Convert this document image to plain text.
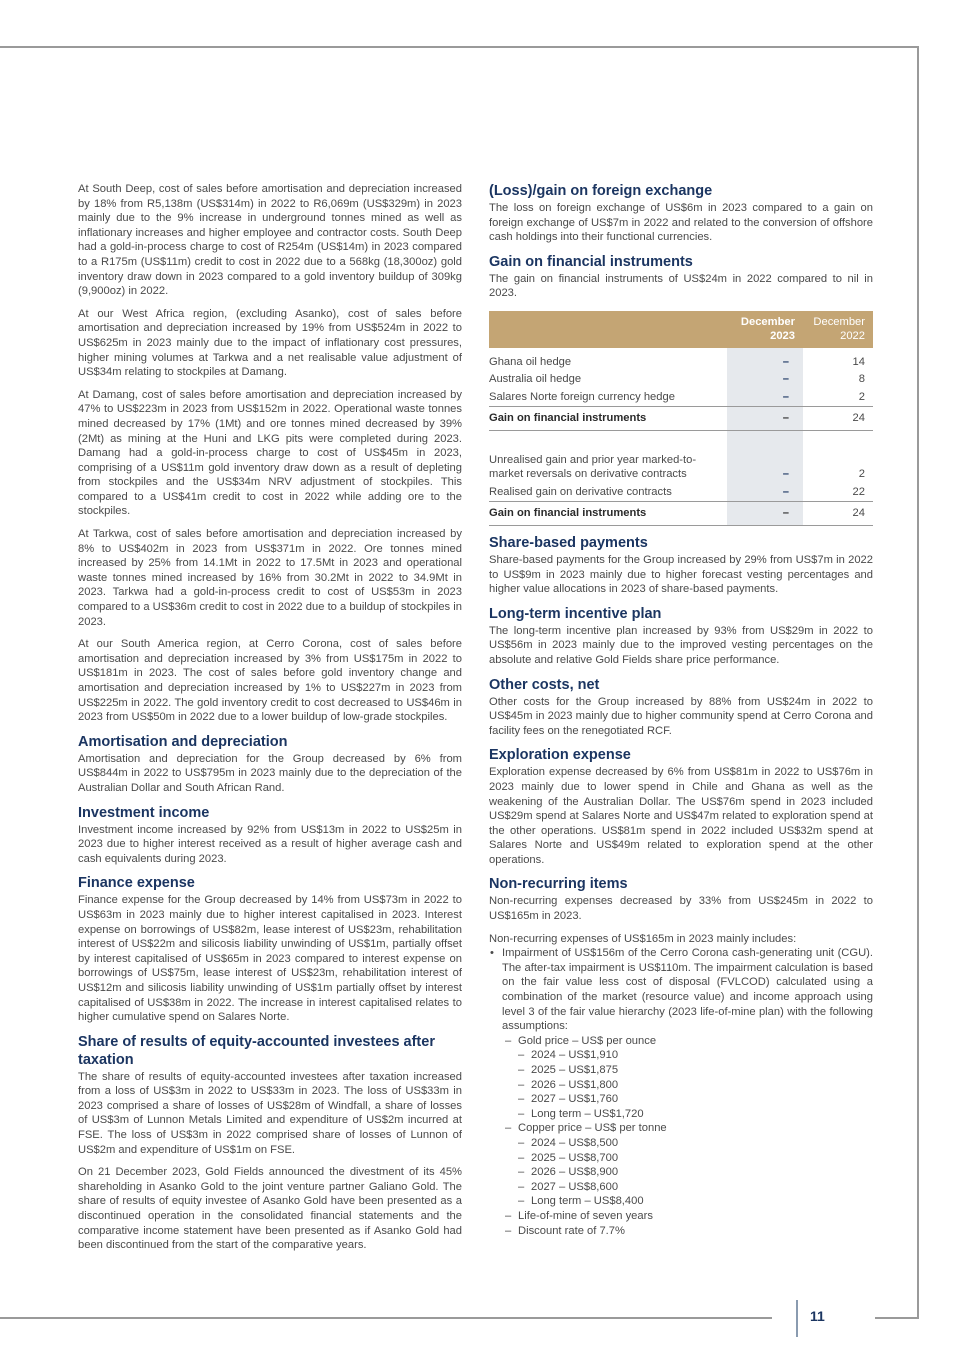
11

At South Deep, cost of sales before amortisation and depreciation increased by 18% from R5,138m (US$314m) in 2022 to R6,069m (US$329m) in 2023 mainly due to the 9% increase in underground tonnes mined as well as inflationary increases and higher employee and contractor costs. South Deep had a gold-in-process charge to cost of R254m (US$14m) in 2023 compared to a R175m (US$11m) credit to cost in 2022 due to a 568kg (18,300oz) gold inventory draw down in 2023 compared to a gold inventory buildup of 309kg (9,900oz) in 2022.

At our West Africa region, (excluding Asanko), cost of sales before amortisation and depreciation increased by 19% from US$524m in 2022 to US$625m in 2023 mainly due to the impact of inflationary cost pressures, higher mining volumes at Tarkwa and a net realisable value adjustment of US$34m relating to stockpiles at Damang.

At Damang, cost of sales before amortisation and depreciation increased by 47% to US$223m in 2023 from US$152m in 2022. Operational waste tonnes mined decreased by 17% (1Mt) and ore tonnes mined decreased by 39% (2Mt) as mining at the Huni and LKG pits were completed during 2023. Damang had a gold-in-process charge to cost of US$45m in 2023, comprising of a US$11m gold inventory draw down as a result of depleting from stockpiles and the US$34m NRV adjustment of stockpiles. This compared to a US$41m credit to cost in 2022 while adding ore to the stockpiles.

At Tarkwa, cost of sales before amortisation and depreciation increased by 8% to US$402m in 2023 from US$371m in 2022. Ore tonnes mined increased by 25% from 14.1Mt in 2022 to 17.5Mt in 2023 and operational waste tonnes mined increased by 16% from 30.2Mt in 2022 to 34.9Mt in 2023. Tarkwa had a gold-in-process credit to cost of US$53m in 2023 compared to a US$36m credit to cost in 2022 due to a buildup of stockpiles in 2023.

At our South America region, at Cerro Corona, cost of sales before amortisation and depreciation increased by 3% from US$175m in 2022 to US$181m in 2023. The cost of sales before gold inventory change and amortisation and depreciation increased by 1% to US$227m in 2023 from US$225m in 2022. The gold inventory credit to cost decreased to US$46m in 2023 from US$50m in 2022 due to a lower buildup of low-grade stockpiles.

Amortisation and depreciation

Amortisation and depreciation for the Group decreased by 6% from US$844m in 2022 to US$795m in 2023 mainly due to the depreciation of the Australian Dollar and South African Rand.

Investment income

Investment income increased by 92% from US$13m in 2022 to US$25m in 2023 due to higher interest received as a result of higher average cash and cash equivalents during 2023.

Finance expense

Finance expense for the Group decreased by 14% from US$73m in 2022 to US$63m in 2023 mainly due to higher interest capitalised in 2023. Interest expense on borrowings of US$82m, lease interest of US$23m, rehabilitation interest of US$22m and silicosis liability unwinding of US$1m, partially offset by interest capitalised of US$65m in 2023 compared to interest expense on borrowings of US$75m, lease interest of US$23m, rehabilitation interest of US$12m and silicosis liability unwinding of US$1m partially offset by interest capitalised of US$38m in 2022. The increase in interest capitalised relates to higher cumulative spend on Salares Norte.

Share of results of equity-accounted investees after taxation

The share of results of equity-accounted investees after taxation increased from a loss of US$3m in 2022 to US$33m in 2023. The loss of US$33m in 2023 comprised a share of losses of US$28m of Windfall, a share of losses of US$3m of Lunnon Metals Limited and expenditure of US$2m incurred at FSE. The loss of US$3m in 2022 comprised share of losses of Lunnon of US$2m and expenditure of US$1m on FSE.

On 21 December 2023, Gold Fields announced the divestment of its 45% shareholding in Asanko Gold to the joint venture partner Galiano Gold. The share of results of equity investee of Asanko Gold have been presented as a discontinued operation in the consolidated financial statements and the comparative income statement have been presented as if Asanko Gold had been discontinued from the start of the comparative years.

(Loss)/gain on foreign exchange

The loss on foreign exchange of US$6m in 2023 compared to a gain on foreign exchange of US$7m in 2022 and related to the conversion of offshore cash holdings into their functional currencies.

Gain on financial instruments

The gain on financial instruments of US$24m in 2022 compared to nil in 2023.

	December
2023	December
2022

Ghana oil hedge	–	14
Australia oil hedge	–	8
Salares Norte foreign currency hedge	–	2
Gain on financial instruments	–	24

Unrealised gain and prior year marked-to-market reversals on derivative contracts	–	2
Realised gain on derivative contracts	–	22
Gain on financial instruments	–	24
Share-based payments

Share-based payments for the Group increased by 29% from US$7m in 2022 to US$9m in 2023 mainly due to higher forecast vesting percentages and higher value allocations in 2023 of share-based payments.

Long-term incentive plan

The long-term incentive plan increased by 93% from US$29m in 2022 to US$56m in 2023 mainly due to the improved vesting percentages on the absolute and relative Gold Fields share price performance.

Other costs, net

Other costs for the Group increased by 88% from US$24m in 2022 to US$45m in 2023 mainly due to higher community spend at Cerro Corona and facility fees on the renegotiated RCF.

Exploration expense

Exploration expense decreased by 6% from US$81m in 2022 to US$76m in 2023 mainly due to lower spend in Chile and Ghana as well as the weakening of the Australian Dollar. The US$76m spend in 2023 included US$29m spend at Salares Norte and US$47m related to exploration spend at the other operations. US$81m spend in 2022 included US$32m spend at Salares Norte and US$49m related to exploration spend at the other operations.

Non-recurring items

Non-recurring expenses decreased by 33% from US$245m in 2022 to US$165m in 2023.

Non-recurring expenses of US$165m in 2023 mainly includes:

• Impairment of US$156m of the Cerro Corona cash-generating unit (CGU). The after-tax impairment is US$110m. The impairment calculation is based on the fair value less cost of disposal (FVLCOD) calculated using a combination of the market (resource value) and income approach using level 3 of the fair value hierarchy (2023 life-of-mine plan) with the following assumptions:
– Gold price – US$ per ounce
– 2024 – US$1,910
– 2025 – US$1,875
– 2026 – US$1,800
– 2027 – US$1,760
– Long term – US$1,720
– Copper price – US$ per tonne
– 2024 – US$8,500
– 2025 – US$8,700
– 2026 – US$8,900
– 2027 – US$8,600
– Long term – US$8,400
– Life-of-mine of seven years
– Discount rate of 7.7%
